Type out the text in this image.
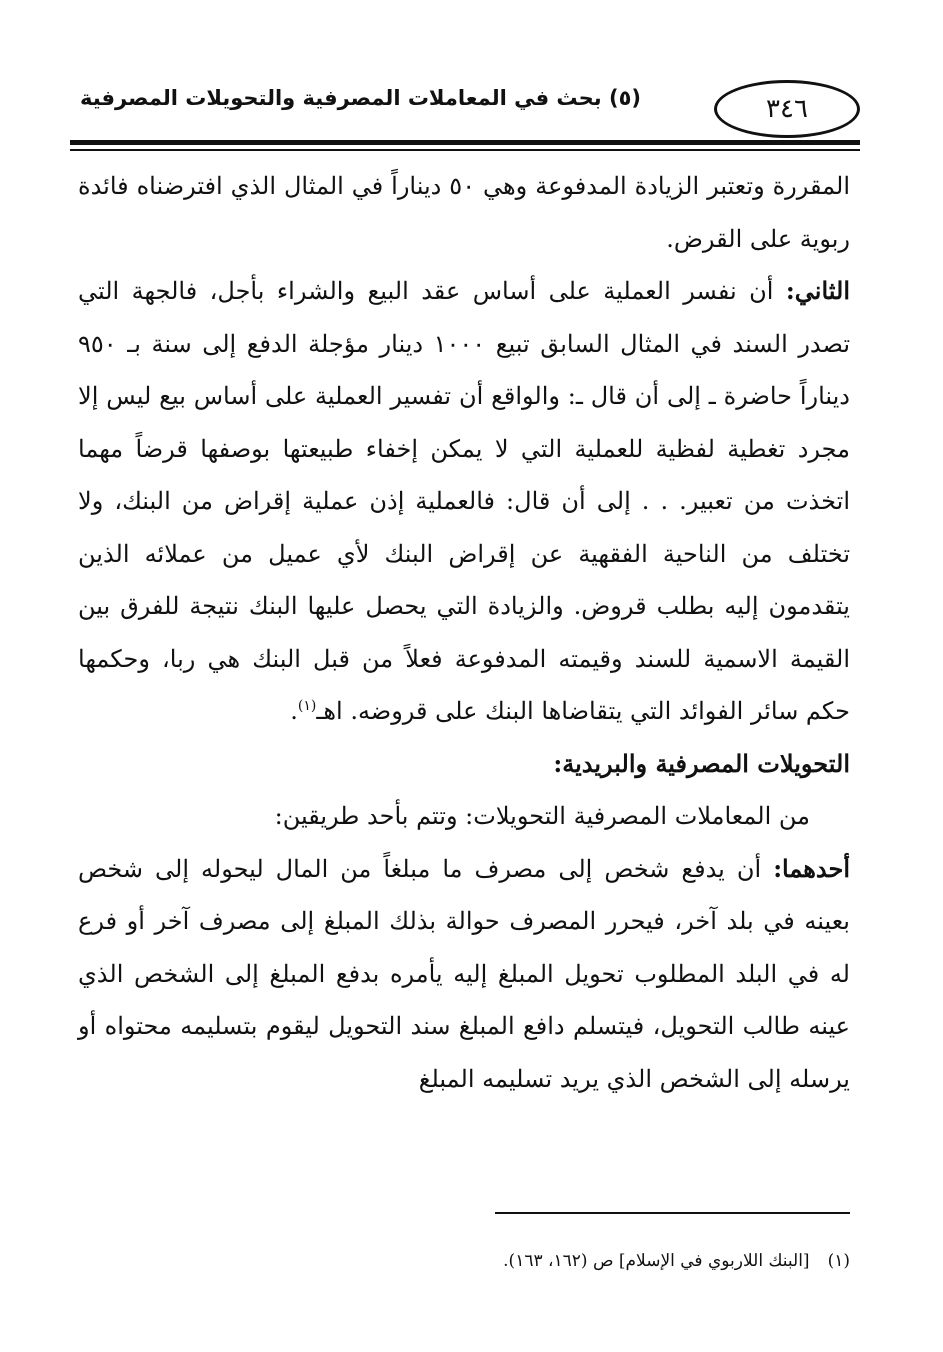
٣٤٦
(٥) بحث في المعاملات المصرفية والتحويلات المصرفية

المقررة وتعتبر الزيادة المدفوعة وهي ٥٠ ديناراً في المثال الذي افترضناه فائدة ربوية على القرض.

الثاني: أن نفسر العملية على أساس عقد البيع والشراء بأجل، فالجهة التي تصدر السند في المثال السابق تبيع ١٠٠٠ دينار مؤجلة الدفع إلى سنة بـ ٩٥٠ ديناراً حاضرة ـ إلى أن قال ـ: والواقع أن تفسير العملية على أساس بيع ليس إلا مجرد تغطية لفظية للعملية التي لا يمكن إخفاء طبيعتها بوصفها قرضاً مهما اتخذت من تعبير. . . إلى أن قال: فالعملية إذن عملية إقراض من البنك، ولا تختلف من الناحية الفقهية عن إقراض البنك لأي عميل من عملائه الذين يتقدمون إليه بطلب قروض. والزيادة التي يحصل عليها البنك نتيجة للفرق بين القيمة الاسمية للسند وقيمته المدفوعة فعلاً من قبل البنك هي ربا، وحكمها حكم سائر الفوائد التي يتقاضاها البنك على قروضه. اهـ$^{(١)}$.

التحويلات المصرفية والبريدية:

من المعاملات المصرفية التحويلات: وتتم بأحد طريقين:

أحدهما: أن يدفع شخص إلى مصرف ما مبلغاً من المال ليحوله إلى شخص بعينه في بلد آخر، فيحرر المصرف حوالة بذلك المبلغ إلى مصرف آخر أو فرع له في البلد المطلوب تحويل المبلغ إليه يأمره بدفع المبلغ إلى الشخص الذي عينه طالب التحويل، فيتسلم دافع المبلغ سند التحويل ليقوم بتسليمه محتواه أو يرسله إلى الشخص الذي يريد تسليمه المبلغ

(١)[البنك اللاربوي في الإسلام] ص (١٦٢، ١٦٣).
